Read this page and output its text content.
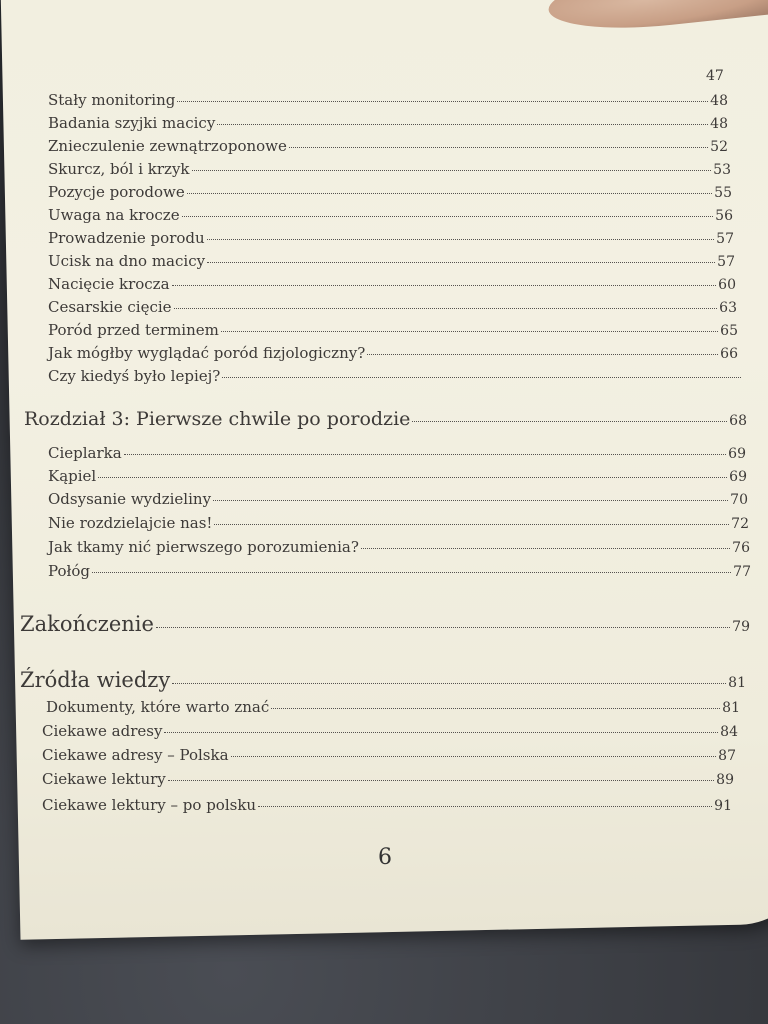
47
Stały monitoring	48
Badania szyjki macicy	48
Znieczulenie zewnątrzoponowe	52
Skurcz, ból i krzyk	53
Pozycje porodowe	55
Uwaga na krocze	56
Prowadzenie porodu	57
Ucisk na dno macicy	57
Nacięcie krocza	60
Cesarskie cięcie	63
Poród przed terminem	65
Jak mógłby wyglądać poród fizjologiczny?	66
Czy kiedyś było lepiej?
Rozdział 3: Pierwsze chwile po porodzie	68
Cieplarka	69
Kąpiel	69
Odsysanie wydzieliny	70
Nie rozdzielajcie nas!	72
Jak tkamy nić pierwszego porozumienia?	76
Połóg	77
Zakończenie	79
Źródła wiedzy	81
Dokumenty, które warto znać	81
Ciekawe adresy	84
Ciekawe adresy – Polska	87
Ciekawe lektury	89
Ciekawe lektury – po polsku	91
6
